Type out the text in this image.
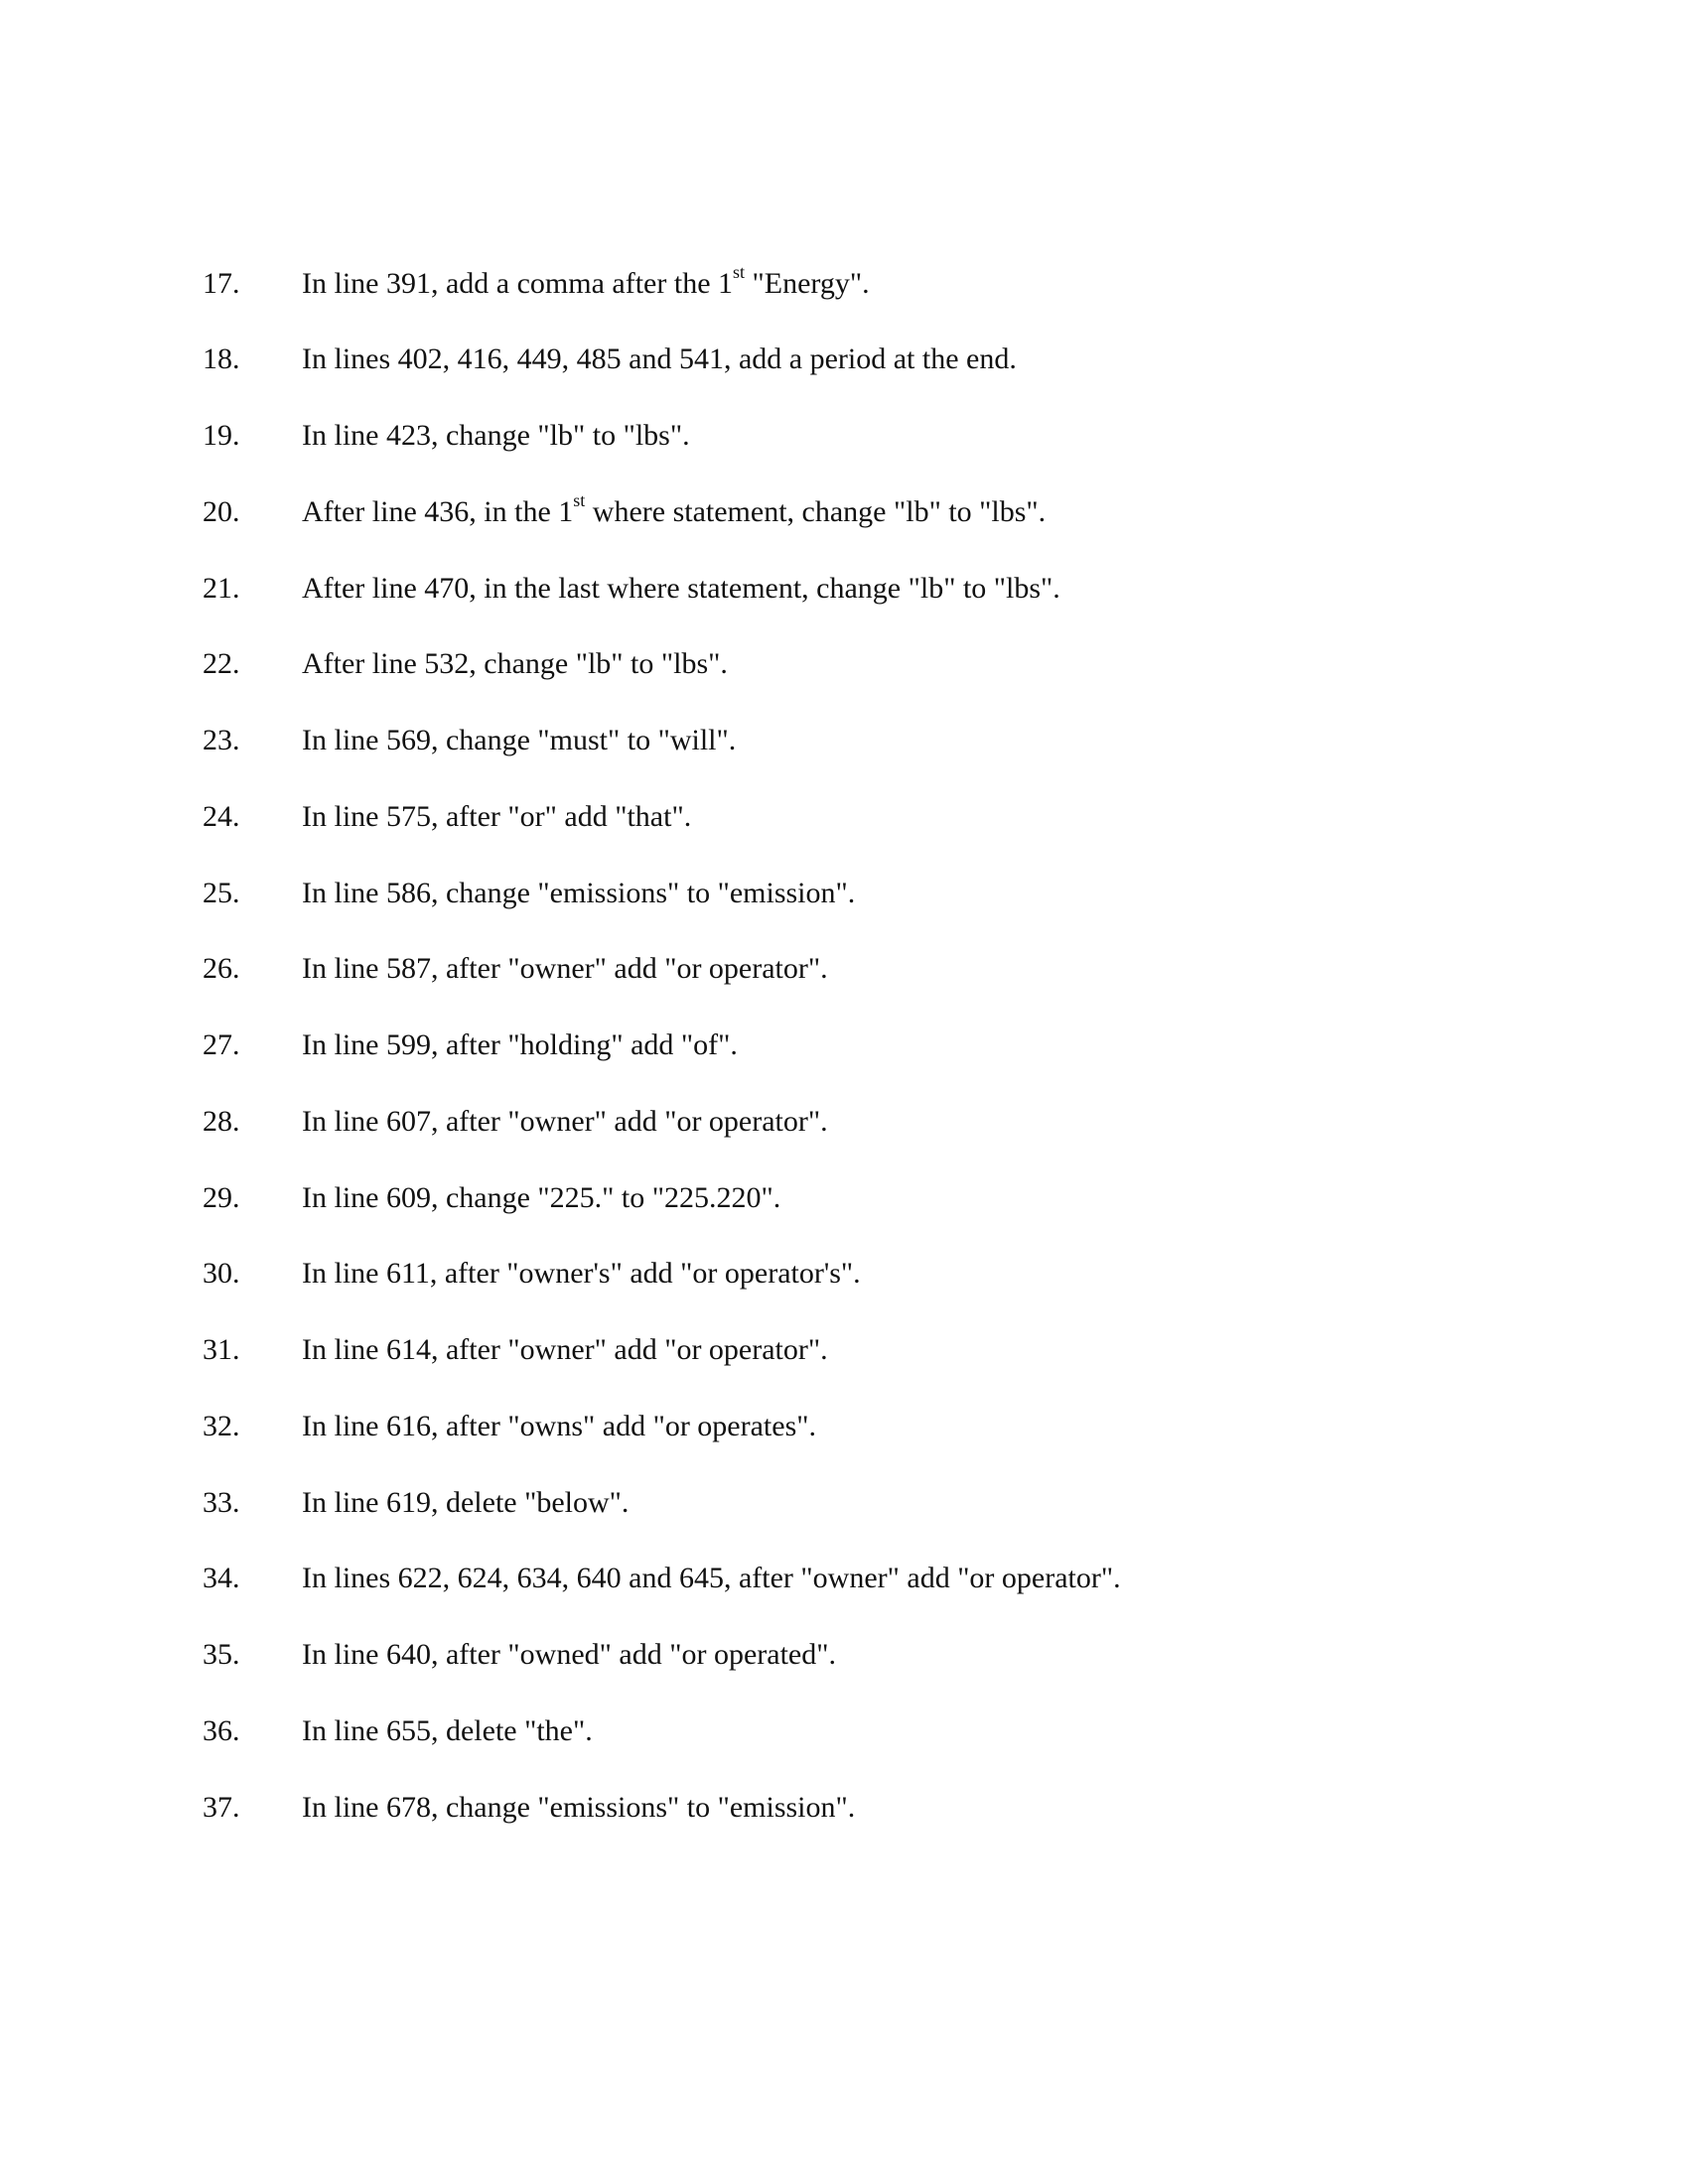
17. In line 391, add a comma after the 1st "Energy".
18. In lines 402, 416, 449, 485 and 541, add a period at the end.
19. In line 423, change "lb" to "lbs".
20. After line 436, in the 1st where statement, change "lb" to "lbs".
21. After line 470, in the last where statement, change "lb" to "lbs".
22. After line 532, change "lb" to "lbs".
23. In line 569, change "must" to "will".
24. In line 575, after "or" add "that".
25. In line 586, change "emissions" to "emission".
26. In line 587, after "owner" add "or operator".
27. In line 599, after "holding" add "of".
28. In line 607, after "owner" add "or operator".
29. In line 609, change "225." to "225.220".
30. In line 611, after "owner's" add "or operator's".
31. In line 614, after "owner" add "or operator".
32. In line 616, after "owns" add "or operates".
33. In line 619, delete "below".
34. In lines 622, 624, 634, 640 and 645, after "owner" add "or operator".
35. In line 640, after "owned" add "or operated".
36. In line 655, delete "the".
37. In line 678, change "emissions" to "emission".
